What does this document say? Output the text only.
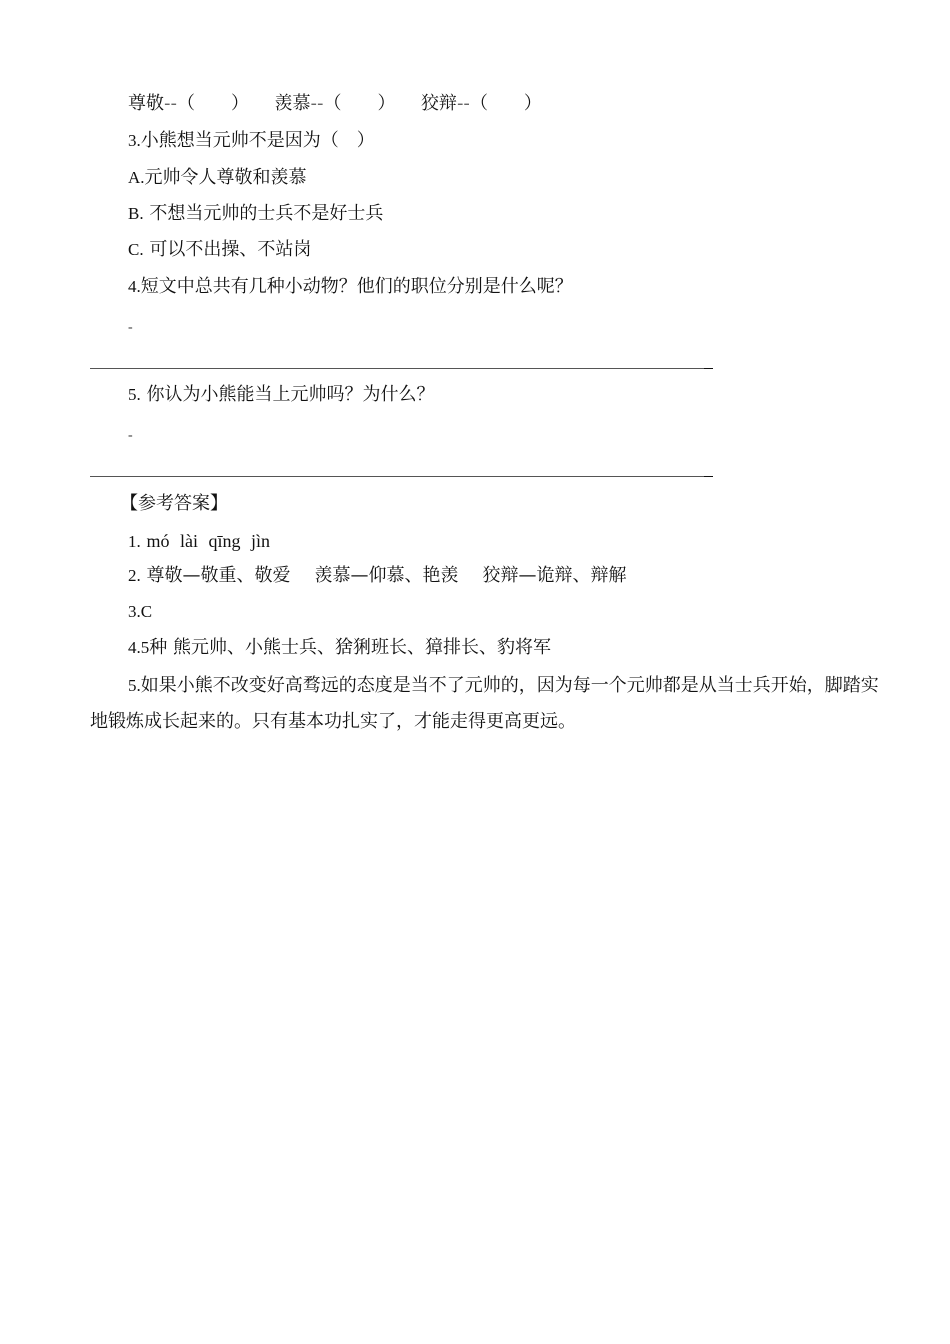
尊敬--（　　） 羡慕--（　　） 狡辩--（　　）
3.小熊想当元帅不是因为（　）
A.元帅令人尊敬和羡慕
B. 不想当元帅的士兵不是好士兵
C. 可以不出操、不站岗
4.短文中总共有几种小动物？他们的职位分别是什么呢？
-
5. 你认为小熊能当上元帅吗？为什么？
-
【参考答案】
1. mó lài qīng jìn
2. 尊敬—敬重、敬爱 羡慕—仰慕、艳羡 狡辩—诡辩、辩解
3.C
4.5种 熊元帅、小熊士兵、猞猁班长、獐排长、豹将军
5.如果小熊不改变好高骛远的态度是当不了元帅的，因为每一个元帅都是从当士兵开始，脚踏实地锻炼成长起来的。只有基本功扎实了，才能走得更高更远。
